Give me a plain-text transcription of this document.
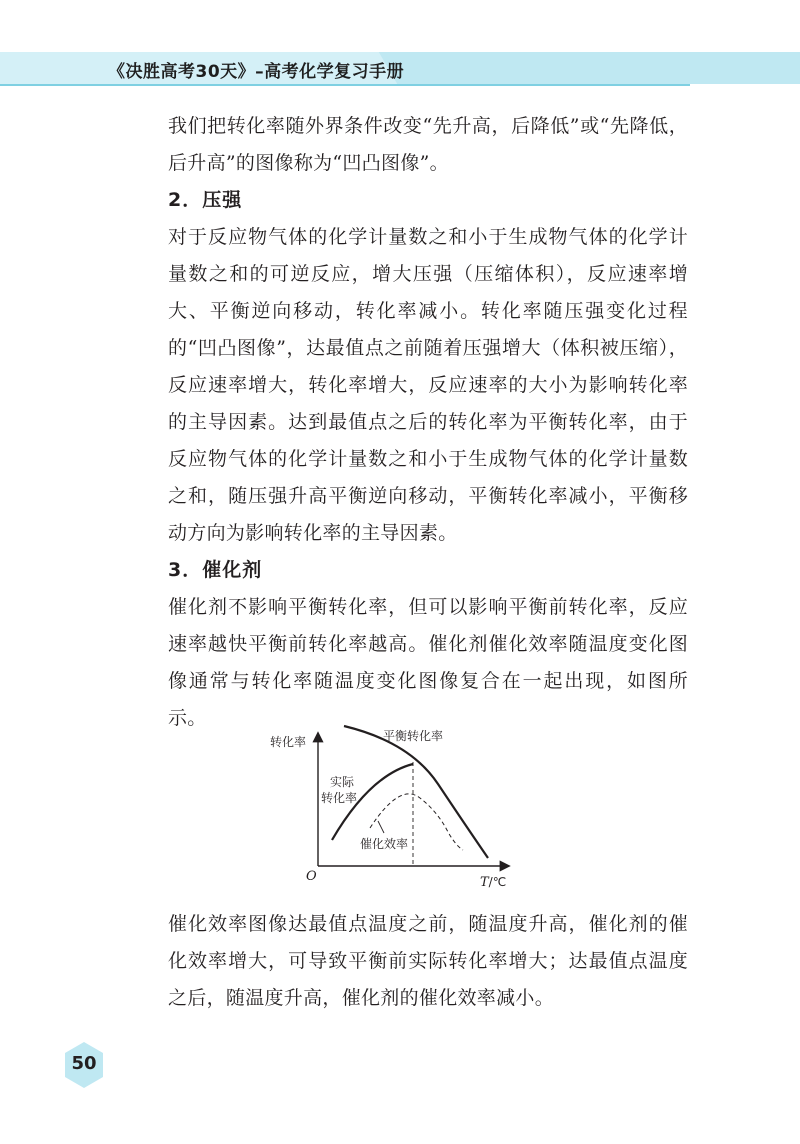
《决胜高考30天》–高考化学复习手册

我们把转化率随外界条件改变“先升高，后降低”或“先降低，后升高”的图像称为“凹凸图像”。

2．压强

对于反应物气体的化学计量数之和小于生成物气体的化学计量数之和的可逆反应，增大压强（压缩体积），反应速率增大、平衡逆向移动，转化率减小。转化率随压强变化过程的“凹凸图像”，达最值点之前随着压强增大（体积被压缩），反应速率增大，转化率增大，反应速率的大小为影响转化率的主导因素。达到最值点之后的转化率为平衡转化率，由于反应物气体的化学计量数之和小于生成物气体的化学计量数之和，随压强升高平衡逆向移动，平衡转化率减小，平衡移动方向为影响转化率的主导因素。

3．催化剂

催化剂不影响平衡转化率，但可以影响平衡前转化率，反应速率越快平衡前转化率越高。催化剂催化效率随温度变化图像通常与转化率随温度变化图像复合在一起出现，如图所示。

转化率	平衡转化率
实际
转化率
催化效率
O	T/℃

催化效率图像达最值点温度之前，随温度升高，催化剂的催化效率增大，可导致平衡前实际转化率增大；达最值点温度之后，随温度升高，催化剂的催化效率减小。

50
